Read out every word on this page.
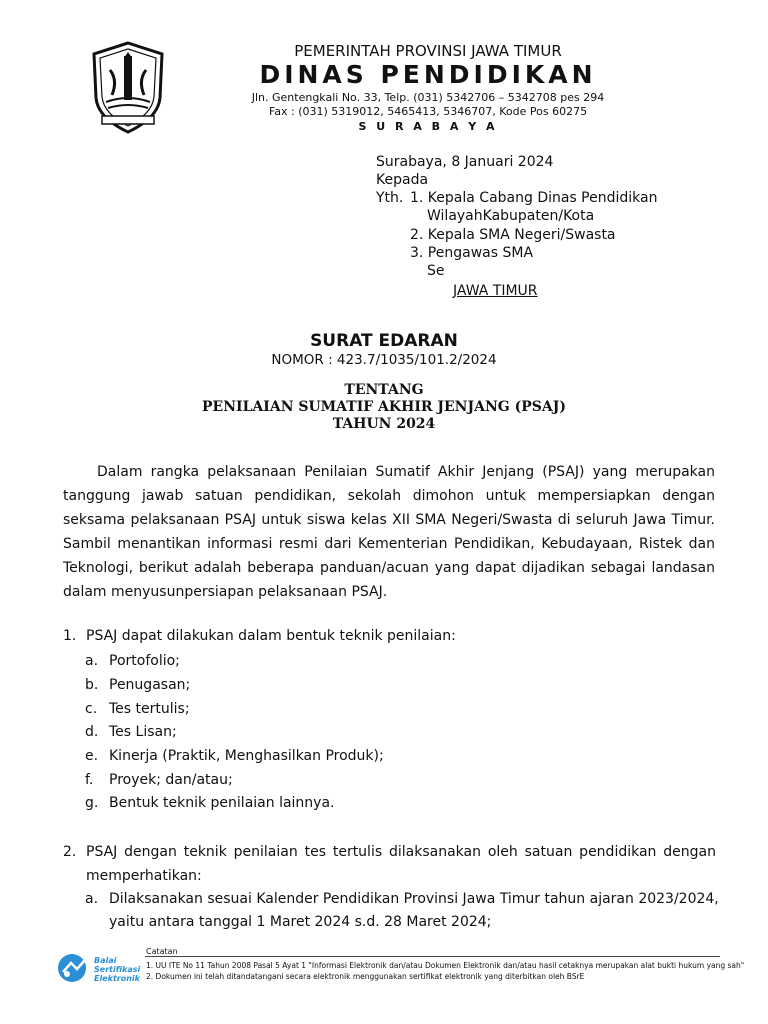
PEMERINTAH PROVINSI JAWA TIMUR
DINAS PENDIDIKAN
Jln. Gentengkali No. 33, Telp. (031) 5342706 – 5342708 pes 294
Fax : (031) 5319012, 5465413, 5346707, Kode Pos 60275
S U R A B A Y A
Surabaya, 8 Januari 2024
Kepada
Yth. 1. Kepala Cabang Dinas Pendidikan
WilayahKabupaten/Kota
2. Kepala SMA Negeri/Swasta
3. Pengawas SMA
Se
JAWA TIMUR
SURAT EDARAN
NOMOR : 423.7/1035/101.2/2024
TENTANG
PENILAIAN SUMATIF AKHIR JENJANG (PSAJ)
TAHUN 2024
Dalam rangka pelaksanaan Penilaian Sumatif Akhir Jenjang (PSAJ) yang merupakan tanggung jawab satuan pendidikan, sekolah dimohon untuk mempersiapkan dengan seksama pelaksanaan PSAJ untuk siswa kelas XII SMA Negeri/Swasta di seluruh Jawa Timur. Sambil menantikan informasi resmi dari Kementerian Pendidikan, Kebudayaan, Ristek dan Teknologi, berikut adalah beberapa panduan/acuan yang dapat dijadikan sebagai landasan dalam menyusunpersiapan pelaksanaan PSAJ.
1. PSAJ dapat dilakukan dalam bentuk teknik penilaian:
a. Portofolio;
b. Penugasan;
c. Tes tertulis;
d. Tes Lisan;
e. Kinerja (Praktik, Menghasilkan Produk);
f. Proyek; dan/atau;
g. Bentuk teknik penilaian lainnya.
2. PSAJ dengan teknik penilaian tes tertulis dilaksanakan oleh satuan pendidikan dengan
memperhatikan:
a. Dilaksanakan sesuai Kalender Pendidikan Provinsi Jawa Timur tahun ajaran 2023/2024,
yaitu antara tanggal 1 Maret 2024 s.d. 28 Maret 2024;
Balai
Sertifikasi
Elektronik
Catatan
1. UU ITE No 11 Tahun 2008 Pasal 5 Ayat 1 "Informasi Elektronik dan/atau Dokumen Elektronik dan/atau hasil cetaknya merupakan alat bukti hukum yang sah"
2. Dokumen ini telah ditandatangani secara elektronik menggunakan sertifikat elektronik yang diterbitkan oleh BSrE
